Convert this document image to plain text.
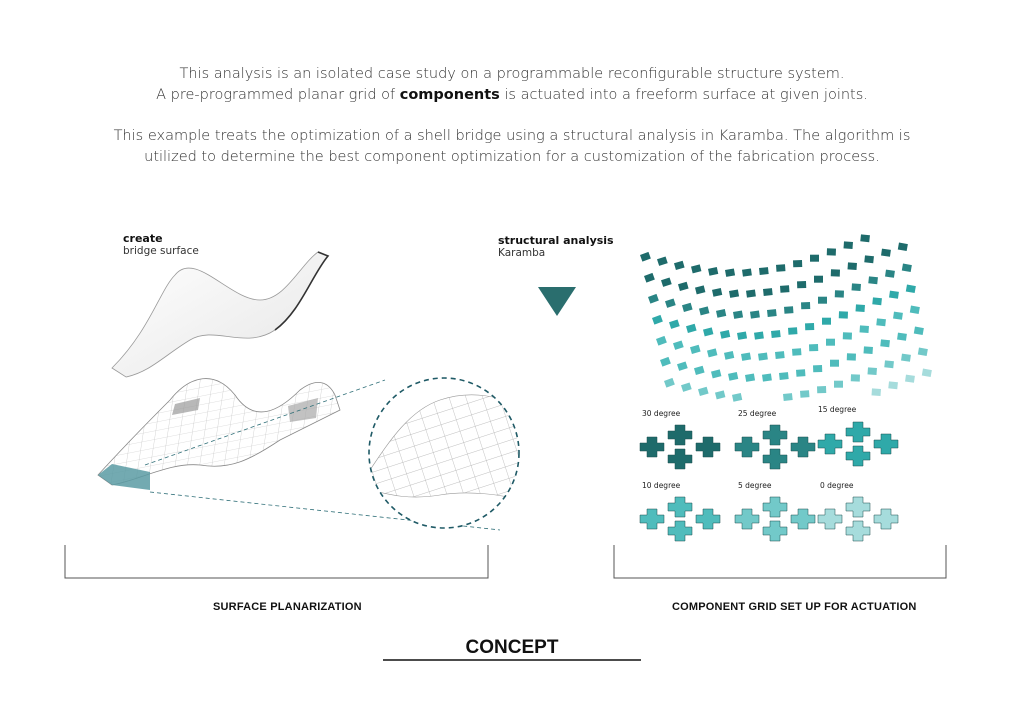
This analysis is an isolated case study on a programmable reconfigurable structure system.

A pre-programmed planar grid of components is actuated into a freeform surface at given joints.

This example treats the optimization of a shell bridge using a structural analysis in Karamba. The algorithm is

utilized to determine the best component optimization for a customization of the fabrication process.

create
bridge surface
structural analysis
Karamba
30 degree	25 degree	15 degree
10 degree	5 degree	0 degree
SURFACE PLANARIZATION	COMPONENT GRID SET UP FOR ACTUATION
CONCEPT
